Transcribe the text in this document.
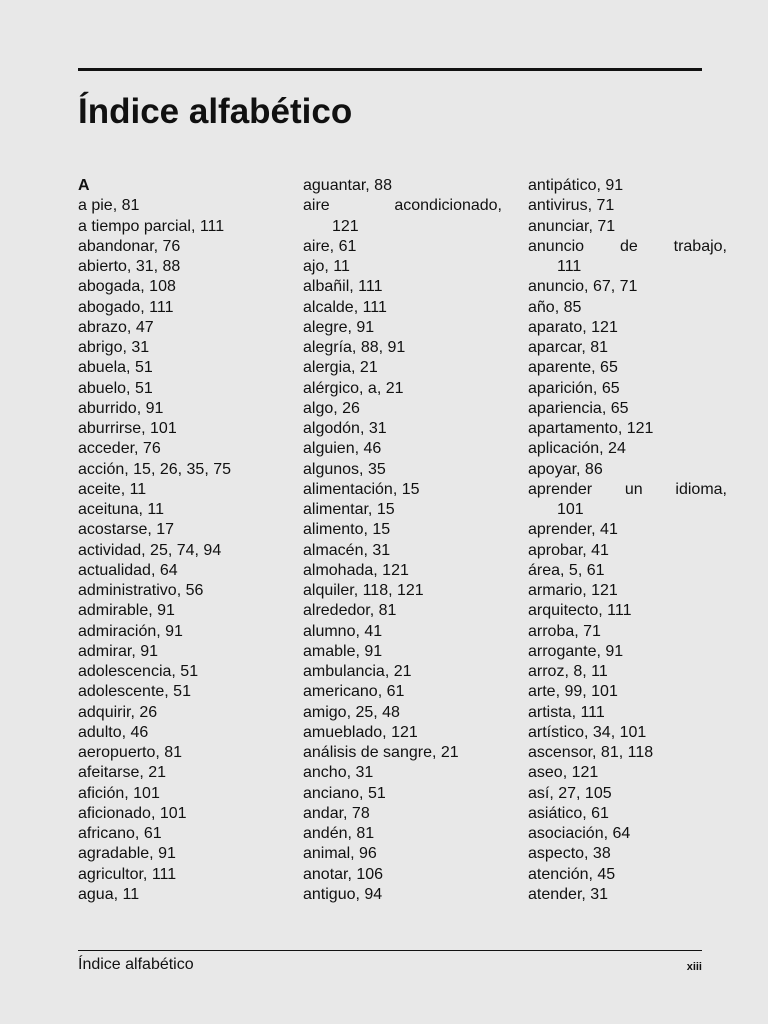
Índice alfabético
A
a pie, 81
a tiempo parcial, 111
abandonar, 76
abierto, 31, 88
abogada, 108
abogado, 111
abrazo, 47
abrigo, 31
abuela, 51
abuelo, 51
aburrido, 91
aburrirse, 101
acceder, 76
acción, 15, 26, 35, 75
aceite, 11
aceituna, 11
acostarse, 17
actividad, 25, 74, 94
actualidad, 64
administrativo, 56
admirable, 91
admiración, 91
admirar, 91
adolescencia, 51
adolescente, 51
adquirir, 26
adulto, 46
aeropuerto, 81
afeitarse, 21
afición, 101
aficionado, 101
africano, 61
agradable, 91
agricultor, 111
agua, 11
aguantar, 88
aire acondicionado,
121
aire, 61
ajo, 11
albañil, 111
alcalde, 111
alegre, 91
alegría, 88, 91
alergia, 21
alérgico, a, 21
algo, 26
algodón, 31
alguien, 46
algunos, 35
alimentación, 15
alimentar, 15
alimento, 15
almacén, 31
almohada, 121
alquiler, 118, 121
alrededor, 81
alumno, 41
amable, 91
ambulancia, 21
americano, 61
amigo, 25, 48
amueblado, 121
análisis de sangre, 21
ancho, 31
anciano, 51
andar, 78
andén, 81
animal, 96
anotar, 106
antiguo, 94
antipático, 91
antivirus, 71
anunciar, 71
anuncio de trabajo,
111
anuncio, 67, 71
año, 85
aparato, 121
aparcar, 81
aparente, 65
aparición, 65
apariencia, 65
apartamento, 121
aplicación, 24
apoyar, 86
aprender un idioma,
101
aprender, 41
aprobar, 41
área, 5, 61
armario, 121
arquitecto, 111
arroba, 71
arrogante, 91
arroz, 8, 11
arte, 99, 101
artista, 111
artístico, 34, 101
ascensor, 81, 118
aseo, 121
así, 27, 105
asiático, 61
asociación, 64
aspecto, 38
atención, 45
atender, 31
Índice alfabético	xiii
